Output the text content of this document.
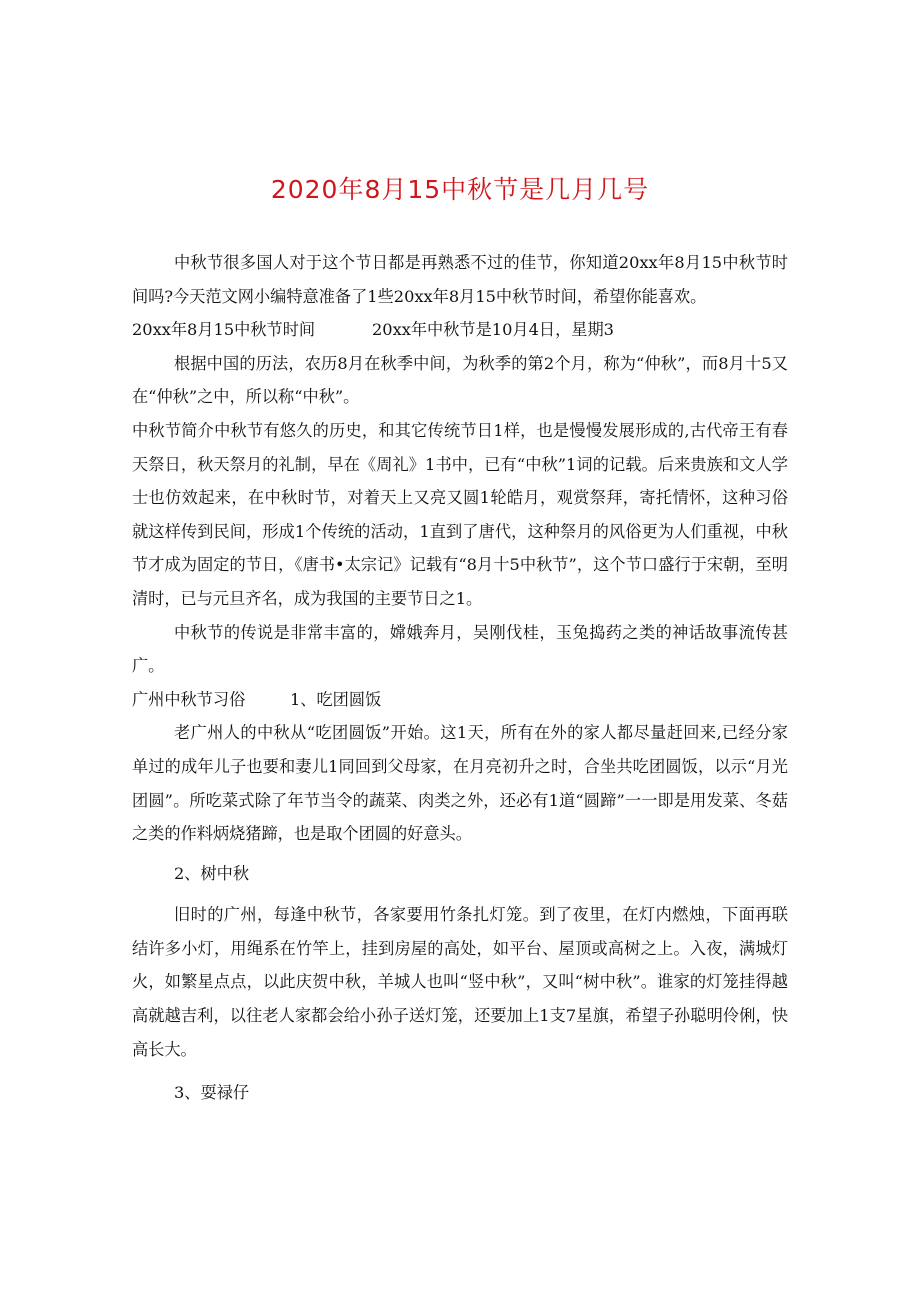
2020年8月15中秋节是几月几号

中秋节很多国人对于这个节日都是再熟悉不过的佳节，你知道20xx年8月15中秋节时间吗?今天范文网小编特意准备了1些20xx年8月15中秋节时间，希望你能喜欢。

20xx年8月15中秋节时间	20xx年中秋节是10月4日，星期3

根据中国的历法，农历8月在秋季中间，为秋季的第2个月，称为“仲秋”，而8月十5又在“仲秋”之中，所以称“中秋”。

中秋节简介中秋节有悠久的历史，和其它传统节日1样，也是慢慢发展形成的,古代帝王有春天祭日，秋天祭月的礼制，早在《周礼》1书中，已有“中秋”1词的记载。后来贵族和文人学士也仿效起来，在中秋时节，对着天上又亮又圆1轮皓月，观赏祭拜，寄托情怀，这种习俗就这样传到民间，形成1个传统的活动，1直到了唐代，这种祭月的风俗更为人们重视，中秋节才成为固定的节日，《唐书•太宗记》记载有“8月十5中秋节”，这个节口盛行于宋朝，至明清时，已与元旦齐名，成为我国的主要节日之1。

中秋节的传说是非常丰富的，嫦娥奔月，吴刚伐桂，玉兔捣药之类的神话故事流传甚广。

广州中秋节习俗	1、吃团圆饭

老广州人的中秋从“吃团圆饭”开始。这1天，所有在外的家人都尽量赶回来,已经分家单过的成年儿子也要和妻儿1同回到父母家，在月亮初升之时，合坐共吃团圆饭，以示“月光团圆”。所吃菜式除了年节当令的蔬菜、肉类之外，还必有1道“圆蹄”一一即是用发菜、冬菇之类的作料炳烧猪蹄，也是取个团圆的好意头。

2、树中秋

旧时的广州，每逢中秋节，各家要用竹条扎灯笼。到了夜里，在灯内燃烛，下面再联结许多小灯，用绳系在竹竿上，挂到房屋的高处，如平台、屋顶或高树之上。入夜，满城灯火，如繁星点点，以此庆贺中秋，羊城人也叫“竖中秋”，又叫“树中秋”。谁家的灯笼挂得越高就越吉利，以往老人家都会给小孙子送灯笼，还要加上1支7星旗，希望子孙聪明伶俐，快高长大。

3、耍禄仔
